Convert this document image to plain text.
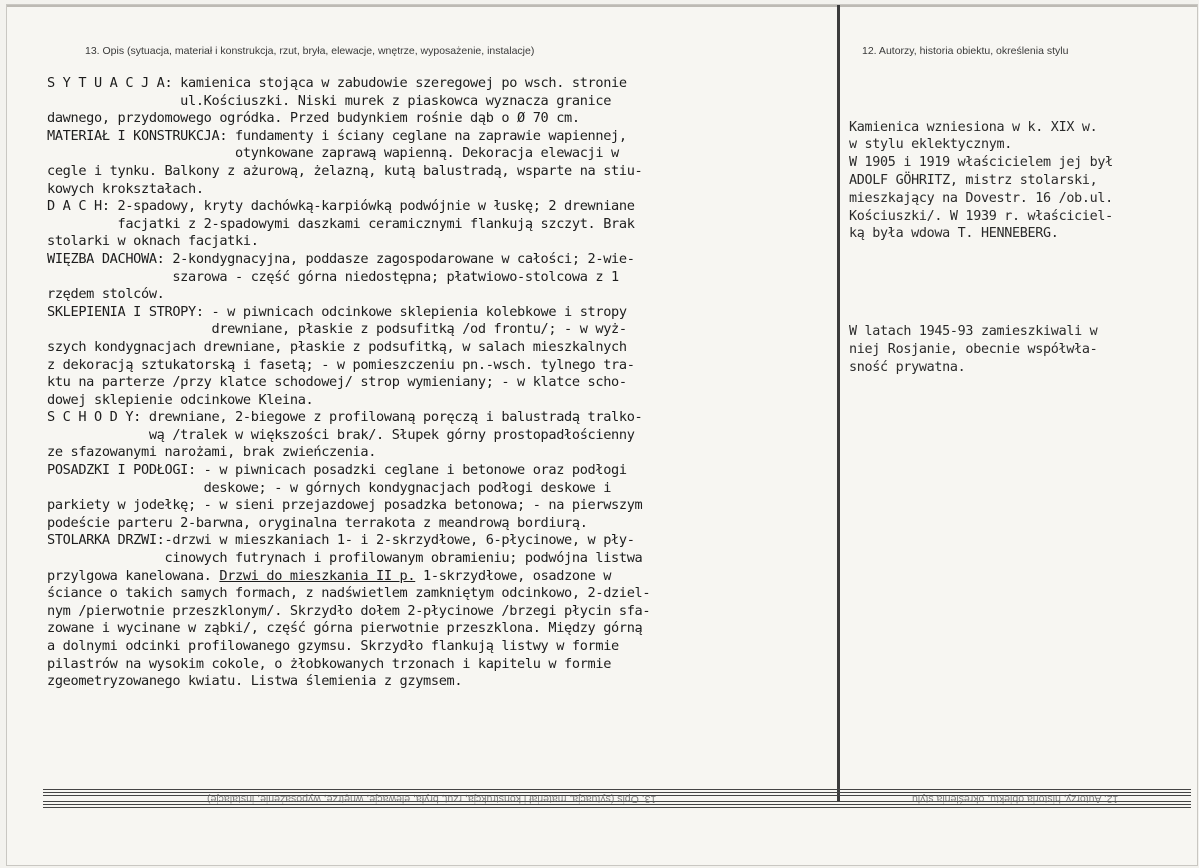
13. Opis (sytuacja, materiał i konstrukcja, rzut, bryła, elewacje, wnętrze, wyposażenie, instalacje)	12. Autorzy, historia obiektu, określenia stylu
S Y T U A C J A: kamienica stojąca w zabudowie szeregowej po wsch. stronie
ul.Kościuszki. Niski murek z piaskowca wyznacza granice
dawnego, przydomowego ogródka. Przed budynkiem rośnie dąb o Ø 70 cm.
MATERIAŁ I KONSTRUKCJA: fundamenty i ściany ceglane na zaprawie wapiennej,
otynkowane zaprawą wapienną. Dekoracja elewacji w
cegle i tynku. Balkony z ażurową, żelazną, kutą balustradą, wsparte na stiu-
kowych krokształach.
D A C H: 2-spadowy, kryty dachówką-karpiówką podwójnie w łuskę; 2 drewniane
facjatki z 2-spadowymi daszkami ceramicznymi flankują szczyt. Brak
stolarki w oknach facjatki.
WIĘZBA DACHOWA: 2-kondygnacyjna, poddasze zagospodarowane w całości; 2-wie-
szarowa - część górna niedostępna; płatwiowo-stolcowa z 1
rzędem stolców.
SKLEPIENIA I STROPY: - w piwnicach odcinkowe sklepienia kolebkowe i stropy
drewniane, płaskie z podsufitką /od frontu/; - w wyż-
szych kondygnacjach drewniane, płaskie z podsufitką, w salach mieszkalnych
z dekoracją sztukatorską i fasetą; - w pomieszczeniu pn.-wsch. tylnego tra-
ktu na parterze /przy klatce schodowej/ strop wymieniany; - w klatce scho-
dowej sklepienie odcinkowe Kleina.
S C H O D Y: drewniane, 2-biegowe z profilowaną poręczą i balustradą tralko-
wą /tralek w większości brak/. Słupek górny prostopadłościenny
ze sfazowanymi narożami, brak zwieńczenia.
POSADZKI I PODŁOGI: - w piwnicach posadzki ceglane i betonowe oraz podłogi
deskowe; - w górnych kondygnacjach podłogi deskowe i
parkiety w jodełkę; - w sieni przejazdowej posadzka betonowa; - na pierwszym
podeście parteru 2-barwna, oryginalna terrakota z meandrową bordiurą.
STOLARKA DRZWI:-drzwi w mieszkaniach 1- i 2-skrzydłowe, 6-płycinowe, w pły-
cinowych futrynach i profilowanym obramieniu; podwójna listwa
przylgowa kanelowana. Drzwi do mieszkania II p. 1-skrzydłowe, osadzone w
ściance o takich samych formach, z nadświetlem zamkniętym odcinkowo, 2-dziel-
nym /pierwotnie przeszklonym/. Skrzydło dołem 2-płycinowe /brzegi płycin sfa-
zowane i wycinane w ząbki/, część górna pierwotnie przeszklona. Między górną
a dolnymi odcinki profilowanego gzymsu. Skrzydło flankują listwy w formie
pilastrów na wysokim cokole, o żłobkowanych trzonach i kapitelu w formie
zgeometryzowanego kwiatu. Listwa ślemienia z gzymsem.

Kamienica wzniesiona w k. XIX w.
w stylu eklektycznym.
W 1905 i 1919 właścicielem jej był
ADOLF GÖHRITZ, mistrz stolarski,
mieszkający na Dovestr. 16 /ob.ul.
Kościuszki/. W 1939 r. właściciel-
ką była wdowa T. HENNEBERG.

W latach 1945-93 zamieszkiwali w
niej Rosjanie, obecnie współwła-
sność prywatna.

13. Opis (sytuacja, materiał i konstrukcja, rzut, bryła, elewacje, wnętrze, wyposażenie, instalacje)	12. Autorzy, historia obiektu, określenia stylu
